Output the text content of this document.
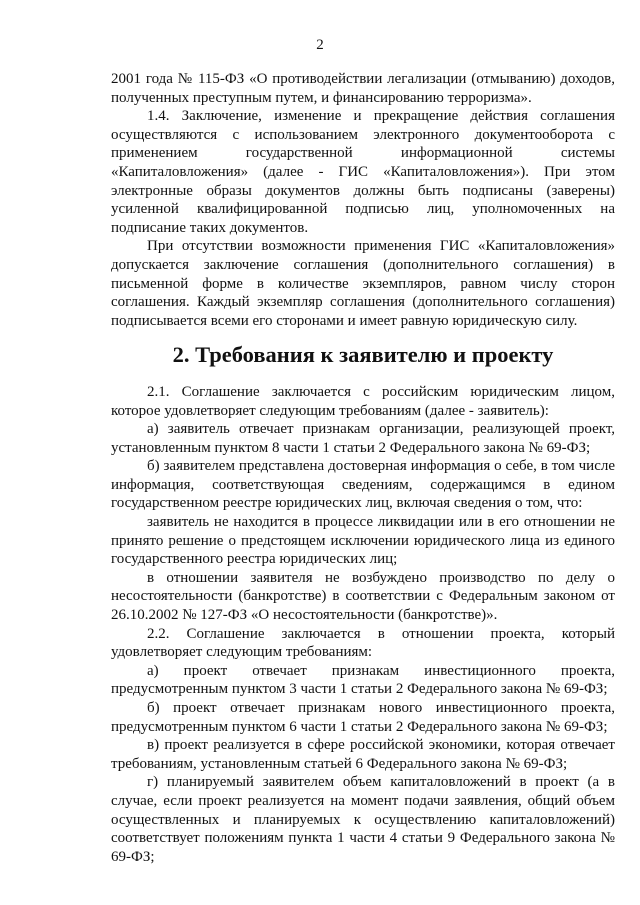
2

2001 года № 115-ФЗ «О противодействии легализации (отмыванию) доходов, полученных преступным путем, и финансированию терроризма».

1.4. Заключение, изменение и прекращение действия соглашения осуществляются с использованием электронного документооборота с применением государственной информационной системы «Капиталовложения» (далее - ГИС «Капиталовложения»). При этом электронные образы документов должны быть подписаны (заверены) усиленной квалифицированной подписью лиц, уполномоченных на подписание таких документов.

При отсутствии возможности применения ГИС «Капиталовложения» допускается заключение соглашения (дополнительного соглашения) в письменной форме в количестве экземпляров, равном числу сторон соглашения. Каждый экземпляр соглашения (дополнительного соглашения) подписывается всеми его сторонами и имеет равную юридическую силу.

2. Требования к заявителю и проекту

2.1. Соглашение заключается с российским юридическим лицом, которое удовлетворяет следующим требованиям (далее - заявитель):

а) заявитель отвечает признакам организации, реализующей проект, установленным пунктом 8 части 1 статьи 2 Федерального закона № 69-ФЗ;

б) заявителем представлена достоверная информация о себе, в том числе информация, соответствующая сведениям, содержащимся в едином государственном реестре юридических лиц, включая сведения о том, что:

заявитель не находится в процессе ликвидации или в его отношении не принято решение о предстоящем исключении юридического лица из единого государственного реестра юридических лиц;

в отношении заявителя не возбуждено производство по делу о несостоятельности (банкротстве) в соответствии с Федеральным законом от 26.10.2002 № 127-ФЗ «О несостоятельности (банкротстве)».

2.2. Соглашение заключается в отношении проекта, который удовлетворяет следующим требованиям:

а) проект отвечает признакам инвестиционного проекта, предусмотренным пунктом 3 части 1 статьи 2 Федерального закона № 69-ФЗ;

б) проект отвечает признакам нового инвестиционного проекта, предусмотренным пунктом 6 части 1 статьи 2 Федерального закона № 69-ФЗ;

в) проект реализуется в сфере российской экономики, которая отвечает требованиям, установленным статьей 6 Федерального закона № 69-ФЗ;

г) планируемый заявителем объем капиталовложений в проект (а в случае, если проект реализуется на момент подачи заявления, общий объем осуществленных и планируемых к осуществлению капиталовложений) соответствует положениям пункта 1 части 4 статьи 9 Федерального закона № 69-ФЗ;
